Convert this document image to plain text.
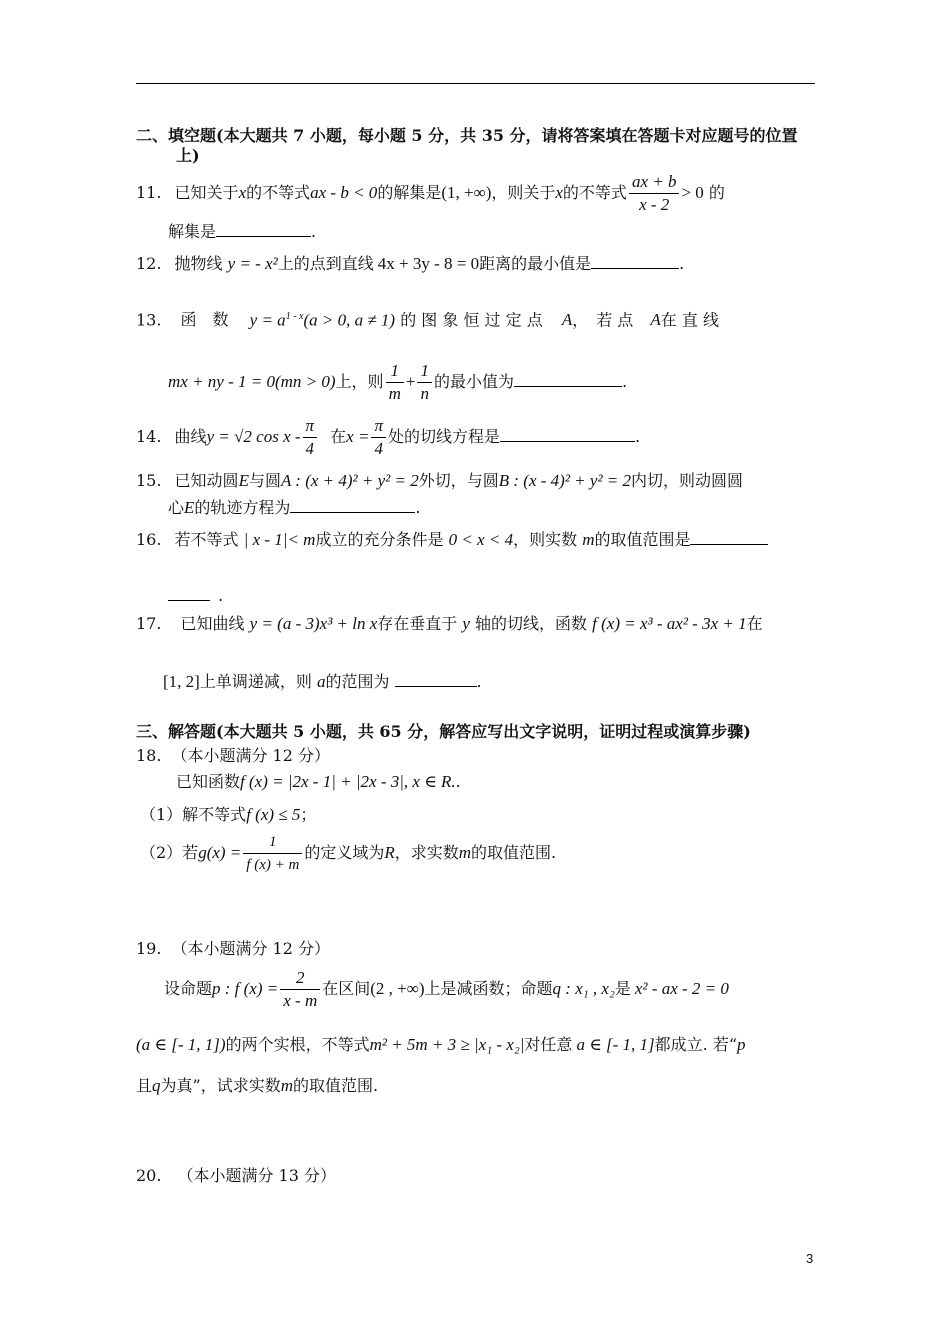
二、填空题(本大题共 7 小题，每小题 5 分，共 35 分，请将答案填在答题卡对应题号的位置
上)
11. 已知关于x的不等式ax - b < 0的解集是(1, +∞)，则关于x的不等式 $\frac{ax + b}{x - 2} > 0$ 的
解集是	.
12. 抛物线 y = - x²上的点到直线 4x + 3y - 8 = 0距离的最小值是	.
13. 函　数　 $y = a^{1 - x}(a > 0$, a ≠ 1) 的 图 象 恒 过 定 点 A，　若 点 A在 直 线
mx + ny - 1 = 0(mn > 0)上，则 $\frac{1}{m} + \frac{1}{n}$ 的最小值为	.
14. 曲线y = √2 cos x - $\frac{\pi}{4}$ 在$x = \frac{\pi}{4}$ 处的切线方程是	.
15. 已知动圆E与圆A : (x + 4)² + y² = 2外切，与圆B : (x - 4)² + y² = 2内切，则动圆圆
心E的轨迹方程为	.
16. 若不等式 | x - 1|< m成立的充分条件是 0 < x < 4，则实数 m的取值范围是
.
17. 已知曲线 y = (a - 3)x³ + ln x存在垂直于 y 轴的切线，函数 f (x) = x³ - ax² - 3x + 1在
[1, 2]上单调递减，则 a的范围为	.
三、解答题(本大题共 5 小题，共 65 分，解答应写出文字说明，证明过程或演算步骤)
18. （本小题满分 12 分）
已知函数f (x) = |2x - 1| + |2x - 3|, x ∈ R..
（1）解不等式f (x) ≤ 5；
（2）若$g(x) = \frac{1}{f (x) + m}$ 的定义域为R，求实数m的取值范围.
19. （本小题满分 12 分）
设命题p : f $(x) = \frac{2}{x - m}$ 在区间(2 , +∞)上是减函数；命题q : x₁ , x₂是 x² - ax - 2 = 0
(a ∈ [- 1, 1])的两个实根，不等式m² + 5m + 3 ≥ |x₁ - x₂|对任意 a ∈ [- 1, 1]都成立. 若“p
且q为真”，试求实数m的取值范围.
20. （本小题满分 13 分）
3
